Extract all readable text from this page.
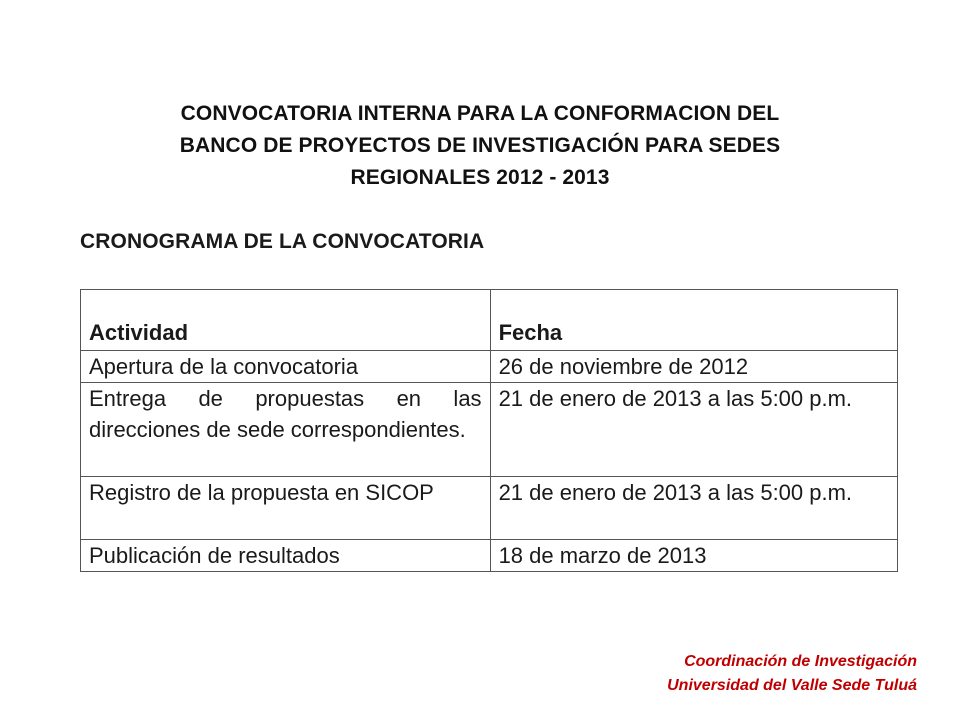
CONVOCATORIA INTERNA PARA LA CONFORMACION DEL
BANCO DE PROYECTOS DE INVESTIGACIÓN PARA SEDES
REGIONALES 2012 - 2013
CRONOGRAMA DE LA CONVOCATORIA
Actividad	Fecha
Apertura de la convocatoria	26 de noviembre de 2012
Entrega de propuestas en las direcciones de sede correspondientes.	21 de enero de 2013 a las 5:00 p.m.
Registro de la propuesta en SICOP	21 de enero de 2013 a las 5:00 p.m.
Publicación de resultados	18 de marzo de 2013
Coordinación de Investigación
Universidad del Valle Sede Tuluá
